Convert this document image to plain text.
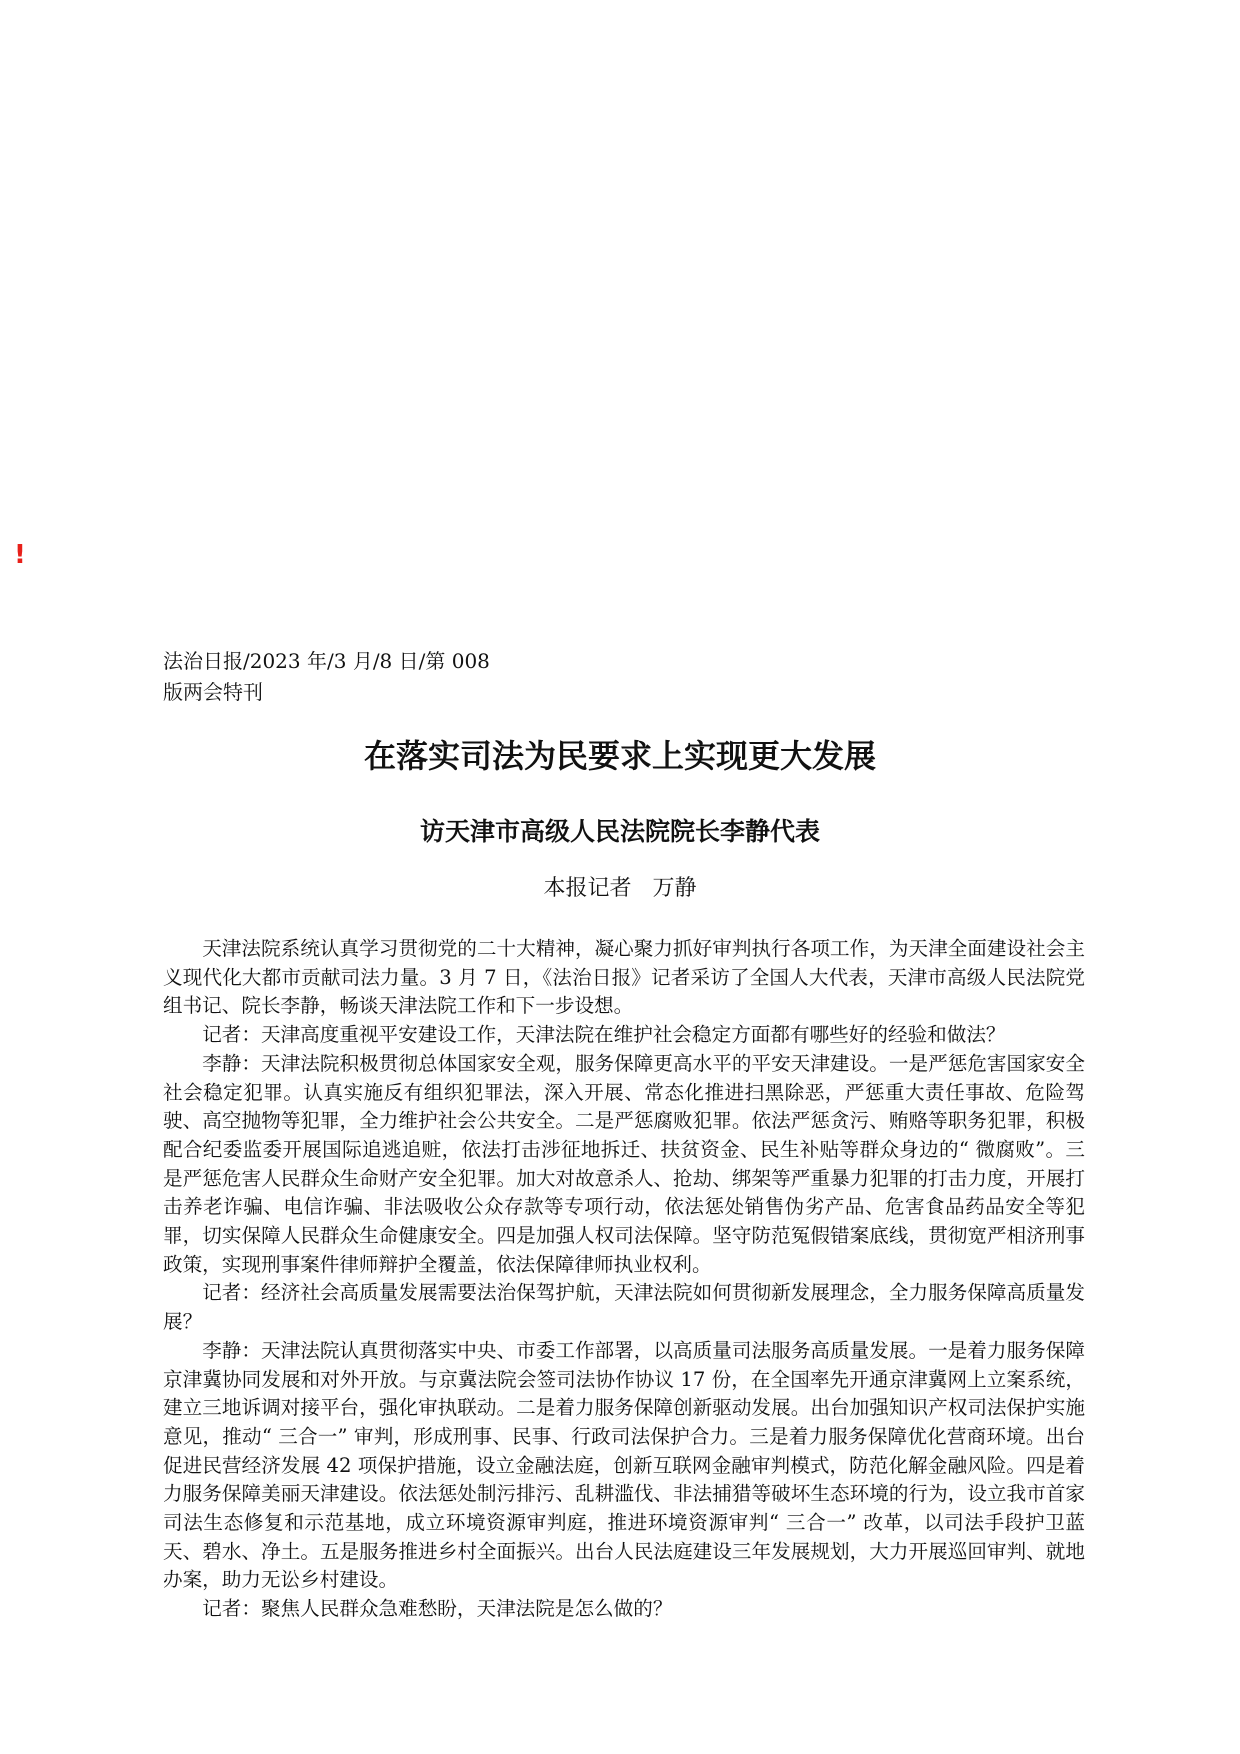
!
法治日报/2023 年/3 月/8 日/第 008
版两会特刊
在落实司法为民要求上实现更大发展
访天津市高级人民法院院长李静代表
本报记者 万静

天津法院系统认真学习贯彻党的二十大精神，凝心聚力抓好审判执行各项工作，为天津全面建设社会主义现代化大都市贡献司法力量。3 月 7 日，《法治日报》记者采访了全国人大代表，天津市高级人民法院党组书记、院长李静，畅谈天津法院工作和下一步设想。

记者：天津高度重视平安建设工作，天津法院在维护社会稳定方面都有哪些好的经验和做法？

李静：天津法院积极贯彻总体国家安全观，服务保障更高水平的平安天津建设。一是严惩危害国家安全社会稳定犯罪。认真实施反有组织犯罪法，深入开展、常态化推进扫黑除恶，严惩重大责任事故、危险驾驶、高空抛物等犯罪，全力维护社会公共安全。二是严惩腐败犯罪。依法严惩贪污、贿赂等职务犯罪，积极配合纪委监委开展国际追逃追赃，依法打击涉征地拆迁、扶贫资金、民生补贴等群众身边的“ 微腐败”。三是严惩危害人民群众生命财产安全犯罪。加大对故意杀人、抢劫、绑架等严重暴力犯罪的打击力度，开展打击养老诈骗、电信诈骗、非法吸收公众存款等专项行动，依法惩处销售伪劣产品、危害食品药品安全等犯罪，切实保障人民群众生命健康安全。四是加强人权司法保障。坚守防范冤假错案底线，贯彻宽严相济刑事政策，实现刑事案件律师辩护全覆盖，依法保障律师执业权利。

记者：经济社会高质量发展需要法治保驾护航，天津法院如何贯彻新发展理念，全力服务保障高质量发展？

李静：天津法院认真贯彻落实中央、市委工作部署，以高质量司法服务高质量发展。一是着力服务保障京津冀协同发展和对外开放。与京冀法院会签司法协作协议 17 份，在全国率先开通京津冀网上立案系统，建立三地诉调对接平台，强化审执联动。二是着力服务保障创新驱动发展。出台加强知识产权司法保护实施意见，推动“ 三合一” 审判，形成刑事、民事、行政司法保护合力。三是着力服务保障优化营商环境。出台促进民营经济发展 42 项保护措施，设立金融法庭，创新互联网金融审判模式，防范化解金融风险。四是着力服务保障美丽天津建设。依法惩处制污排污、乱耕滥伐、非法捕猎等破坏生态环境的行为，设立我市首家司法生态修复和示范基地，成立环境资源审判庭，推进环境资源审判“ 三合一” 改革，以司法手段护卫蓝天、碧水、净土。五是服务推进乡村全面振兴。出台人民法庭建设三年发展规划，大力开展巡回审判、就地办案，助力无讼乡村建设。

记者：聚焦人民群众急难愁盼，天津法院是怎么做的？
